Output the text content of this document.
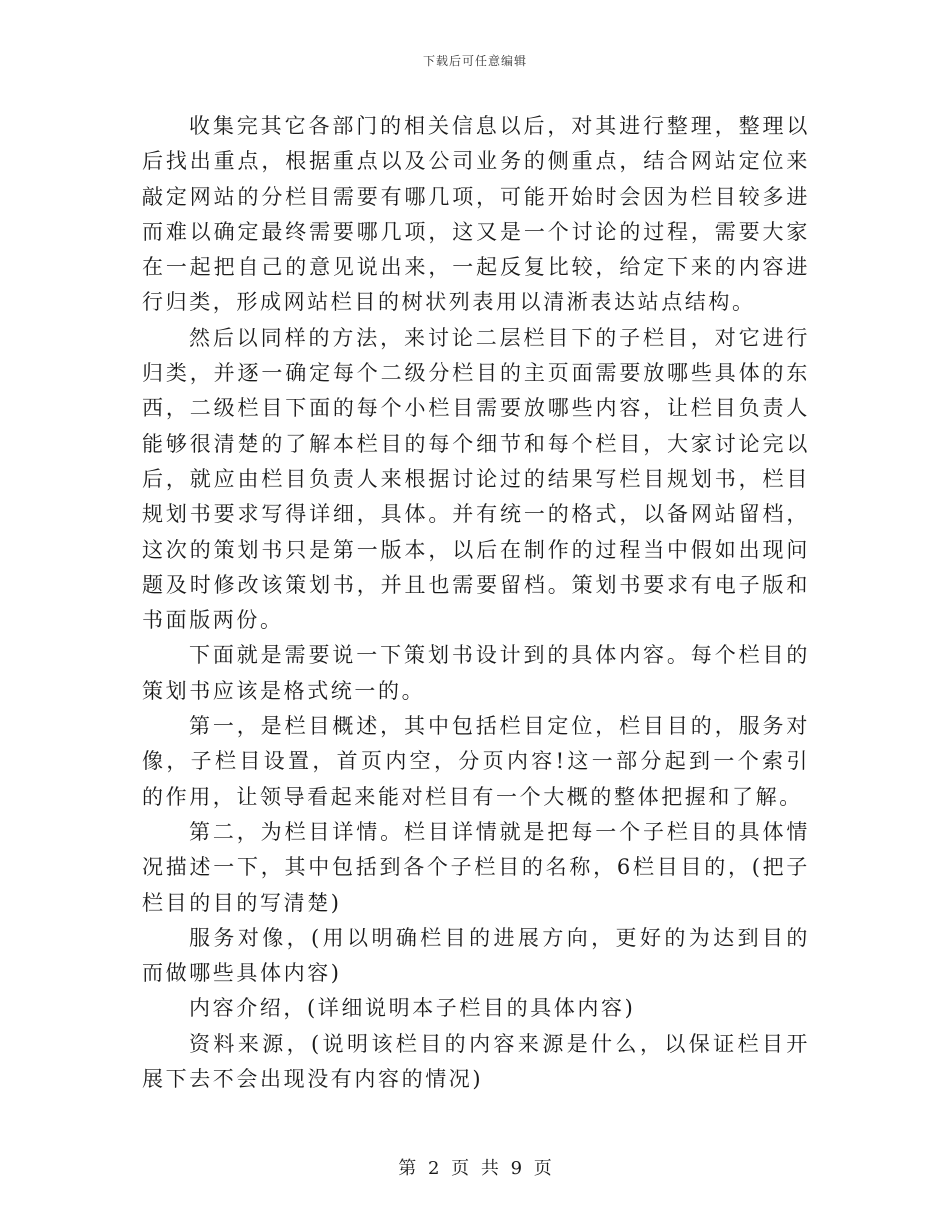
下载后可任意编辑

收集完其它各部门的相关信息以后，对其进行整理，整理以后找出重点，根据重点以及公司业务的侧重点，结合网站定位来敲定网站的分栏目需要有哪几项，可能开始时会因为栏目较多进而难以确定最终需要哪几项，这又是一个讨论的过程，需要大家在一起把自己的意见说出来，一起反复比较，给定下来的内容进行归类，形成网站栏目的树状列表用以清淅表达站点结构。

然后以同样的方法，来讨论二层栏目下的子栏目，对它进行归类，并逐一确定每个二级分栏目的主页面需要放哪些具体的东西，二级栏目下面的每个小栏目需要放哪些内容，让栏目负责人能够很清楚的了解本栏目的每个细节和每个栏目，大家讨论完以后，就应由栏目负责人来根据讨论过的结果写栏目规划书，栏目规划书要求写得详细，具体。并有统一的格式，以备网站留档，这次的策划书只是第一版本，以后在制作的过程当中假如出现问题及时修改该策划书，并且也需要留档。策划书要求有电子版和书面版两份。

下面就是需要说一下策划书设计到的具体内容。每个栏目的策划书应该是格式统一的。

第一，是栏目概述，其中包括栏目定位，栏目目的，服务对像，子栏目设置，首页内空，分页内容!这一部分起到一个索引的作用，让领导看起来能对栏目有一个大概的整体把握和了解。

第二，为栏目详情。栏目详情就是把每一个子栏目的具体情况描述一下，其中包括到各个子栏目的名称，6栏目目的，(把子栏目的目的写清楚)

服务对像，(用以明确栏目的进展方向，更好的为达到目的而做哪些具体内容)

内容介绍，(详细说明本子栏目的具体内容)

资料来源，(说明该栏目的内容来源是什么，以保证栏目开展下去不会出现没有内容的情况)

第 2 页 共 9 页
